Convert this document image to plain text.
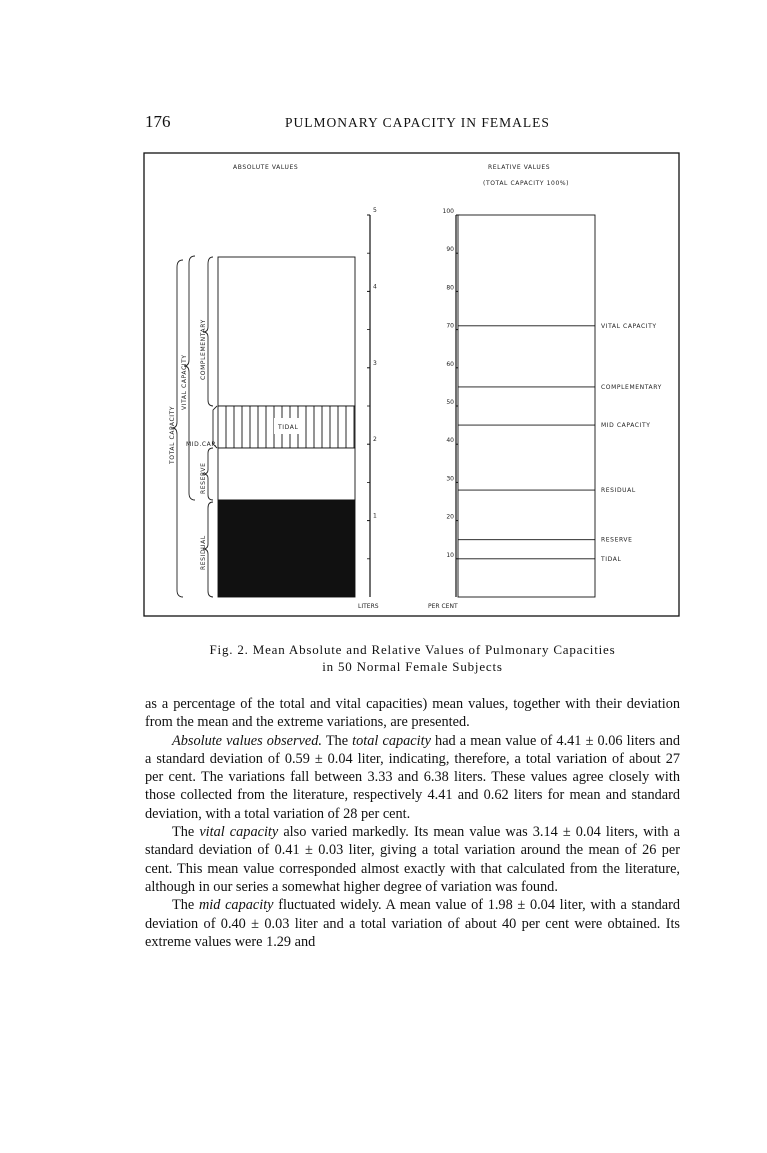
176	PULMONARY CAPACITY IN FEMALES
ABSOLUTE VALUES	RELATIVE VALUES
(TOTAL CAPACITY 100%)
TIDAL
TOTAL CAPACITY
VITAL CAPACITY
COMPLEMENTARY
MID.CAP.
RESERVE
RESIDUAL
1
2
3
4
5
LITERS
10
20
30
40
50
60
70
80
90
100
PER CENT
VITAL CAPACITY
COMPLEMENTARY
MID CAPACITY
RESIDUAL
RESERVE
TIDAL
Fig. 2. Mean Absolute and Relative Values of Pulmonary Capacities
in 50 Normal Female Subjects

as a percentage of the total and vital capacities) mean values, together with their deviation from the mean and the extreme variations, are presented.

Absolute values observed. The total capacity had a mean value of 4.41 ± 0.06 liters and a standard deviation of 0.59 ± 0.04 liter, indicating, therefore, a total variation of about 27 per cent. The variations fall between 3.33 and 6.38 liters. These values agree closely with those collected from the literature, respectively 4.41 and 0.62 liters for mean and standard deviation, with a total variation of 28 per cent.

The vital capacity also varied markedly. Its mean value was 3.14 ± 0.04 liters, with a standard deviation of 0.41 ± 0.03 liter, giving a total variation around the mean of 26 per cent. This mean value corresponded almost exactly with that calculated from the literature, although in our series a somewhat higher degree of variation was found.

The mid capacity fluctuated widely. A mean value of 1.98 ± 0.04 liter, with a standard deviation of 0.40 ± 0.03 liter and a total variation of about 40 per cent were obtained. Its extreme values were 1.29 and
